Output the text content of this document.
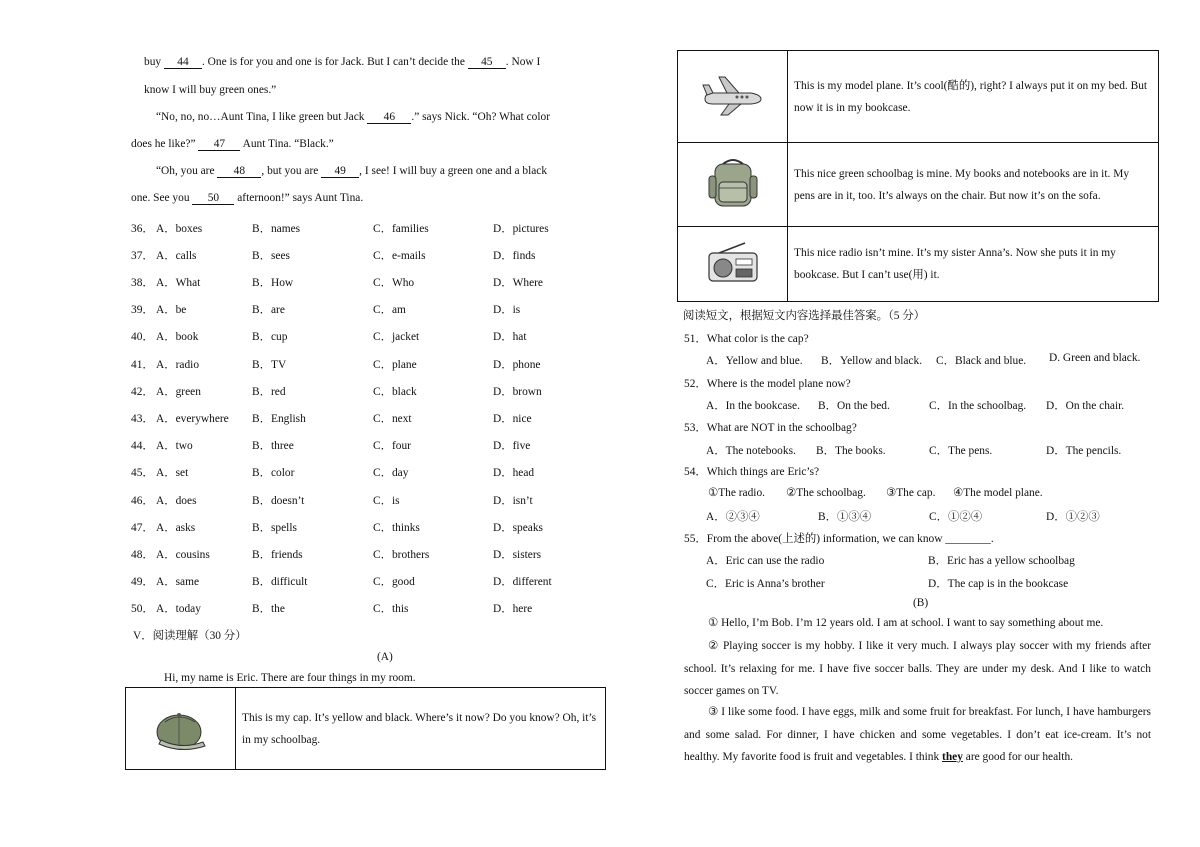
buy 44 . One is for you and one is for Jack. But I can’t decide the 45 . Now I
know I will buy green ones.”
“No, no, no…Aunt Tina, I like green but Jack 46 .” says Nick. “Oh? What color
does he like?” 47 Aunt Tina. “Black.”
“Oh, you are 48 , but you are 49 , I see! I will buy a green one and a black
one. See you 50 afternoon!” says Aunt Tina.
36． A．boxes	B．names	C．families	D．pictures
37． A．calls	B．sees	C．e-mails	D．finds
38． A．What	B．How	C．Who	D．Where
39． A．be	B．are	C．am	D．is
40． A．book	B．cup	C．jacket	D．hat
41． A．radio	B．TV	C．plane	D．phone
42． A．green	B．red	C．black	D．brown
43． A．everywhere B．English	C．next	D．nice
44． A．two	B．three	C．four	D．five
45． A．set	B．color	C．day	D．head
46． A．does	B．doesn’t	C．is	D．isn’t
47． A．asks	B．spells	C．thinks	D．speaks
48． A．cousins	B．friends	C．brothers	D．sisters
49． A．same	B．difficult	C．good	D．different
50． A．today	B．the	C．this	D．here
V．阅读理解（30 分）
(A)
Hi, my name is Eric. There are four things in my room.
	This is my cap. It’s yellow and black. Where’s it now? Do you know? Oh, it’s in my schoolbag.
	This is my model plane. It’s cool(酷的), right? I always put it on my bed. But now it is in my bookcase.
	This nice green schoolbag is mine. My books and notebooks are in it. My pens are in it, too. It’s always on the chair. But now it’s on the sofa.
	This nice radio isn’t mine. It’s my sister Anna’s. Now she puts it in my bookcase. But I can’t use(用) it.
阅读短文，根据短文内容选择最佳答案。（5 分）
51．What color is the cap?
A．Yellow and blue. B．Yellow and black. C．Black and blue. D. Green and black.
52．Where is the model plane now?
A．In the bookcase. B．On the bed.	C．In the schoolbag. D．On the chair.
53．What are NOT in the schoolbag?
A．The notebooks. B．The books.	C．The pens.	D．The pencils.
54．Which things are Eric’s?
①The radio. ②The schoolbag. ③The cap. ④The model plane.
A．②③④	B．①③④	C．①②④	D．①②③
55．From the above(上述的) information, we can know ________.
A．Eric can use the radio	B．Eric has a yellow schoolbag
C．Eric is Anna’s brother	D．The cap is in the bookcase
(B)
① Hello, I’m Bob. I’m 12 years old. I am at school. I want to say something about me.
② Playing soccer is my hobby. I like it very much. I always play soccer with my friends after school. It’s relaxing for me. I have five soccer balls. They are under my desk. And I like to watch soccer games on TV.
③ I like some food. I have eggs, milk and some fruit for breakfast. For lunch, I have hamburgers and some salad. For dinner, I have chicken and some vegetables. I don’t eat ice-cream. It’s not healthy. My favorite food is fruit and vegetables. I think they are good for our health.
